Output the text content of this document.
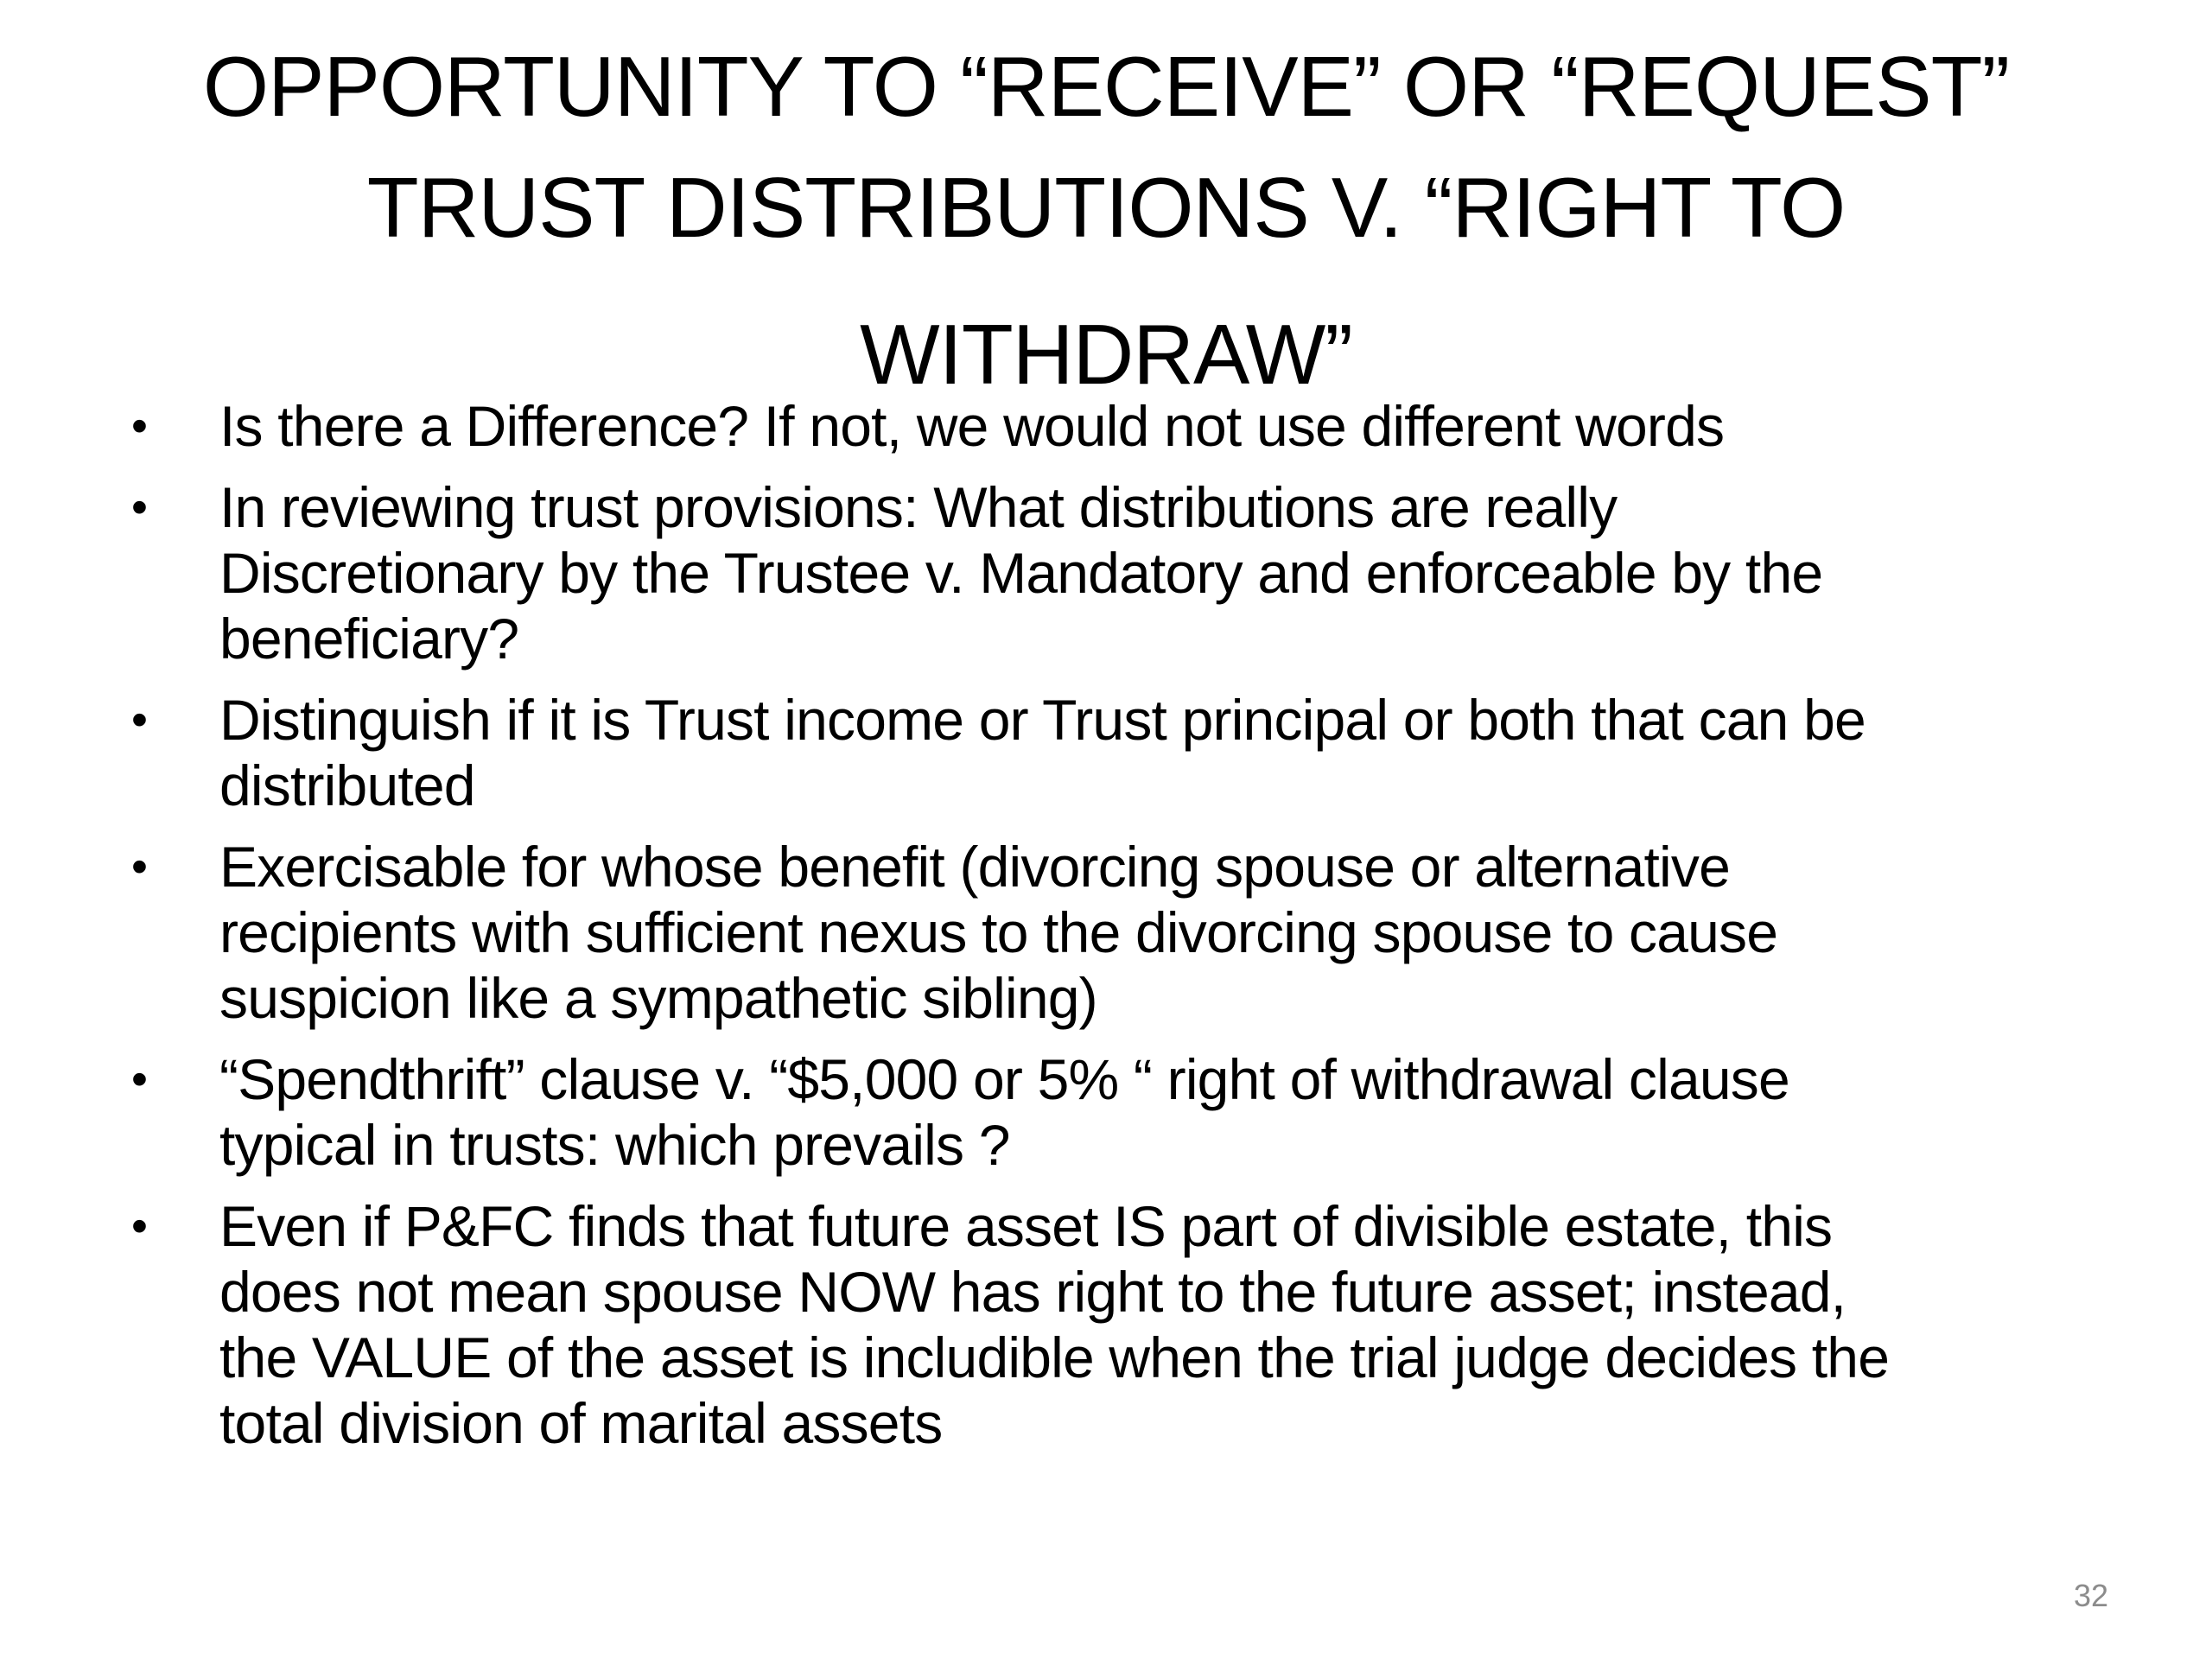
OPPORTUNITY TO “RECEIVE” OR “REQUEST”
TRUST DISTRIBUTIONS V. “RIGHT TO
WITHDRAW”
•	Is there a Difference? If not, we would not use different words
•	In reviewing trust provisions: What distributions are really
Discretionary by the Trustee v. Mandatory and enforceable by the
beneficiary?
•	Distinguish if it is Trust income or Trust principal or both that can be
distributed
•	Exercisable for whose benefit (divorcing spouse or alternative
recipients with sufficient nexus to the divorcing spouse to cause
suspicion like a sympathetic sibling)
•	“Spendthrift” clause v. “$5,000 or 5% “ right of withdrawal clause
typical in trusts: which prevails ?
•	Even if P&FC finds that future asset IS part of divisible estate, this
does not mean spouse NOW has right to the future asset; instead,
the VALUE of the asset is includible when the trial judge decides the
total division of marital assets
32
